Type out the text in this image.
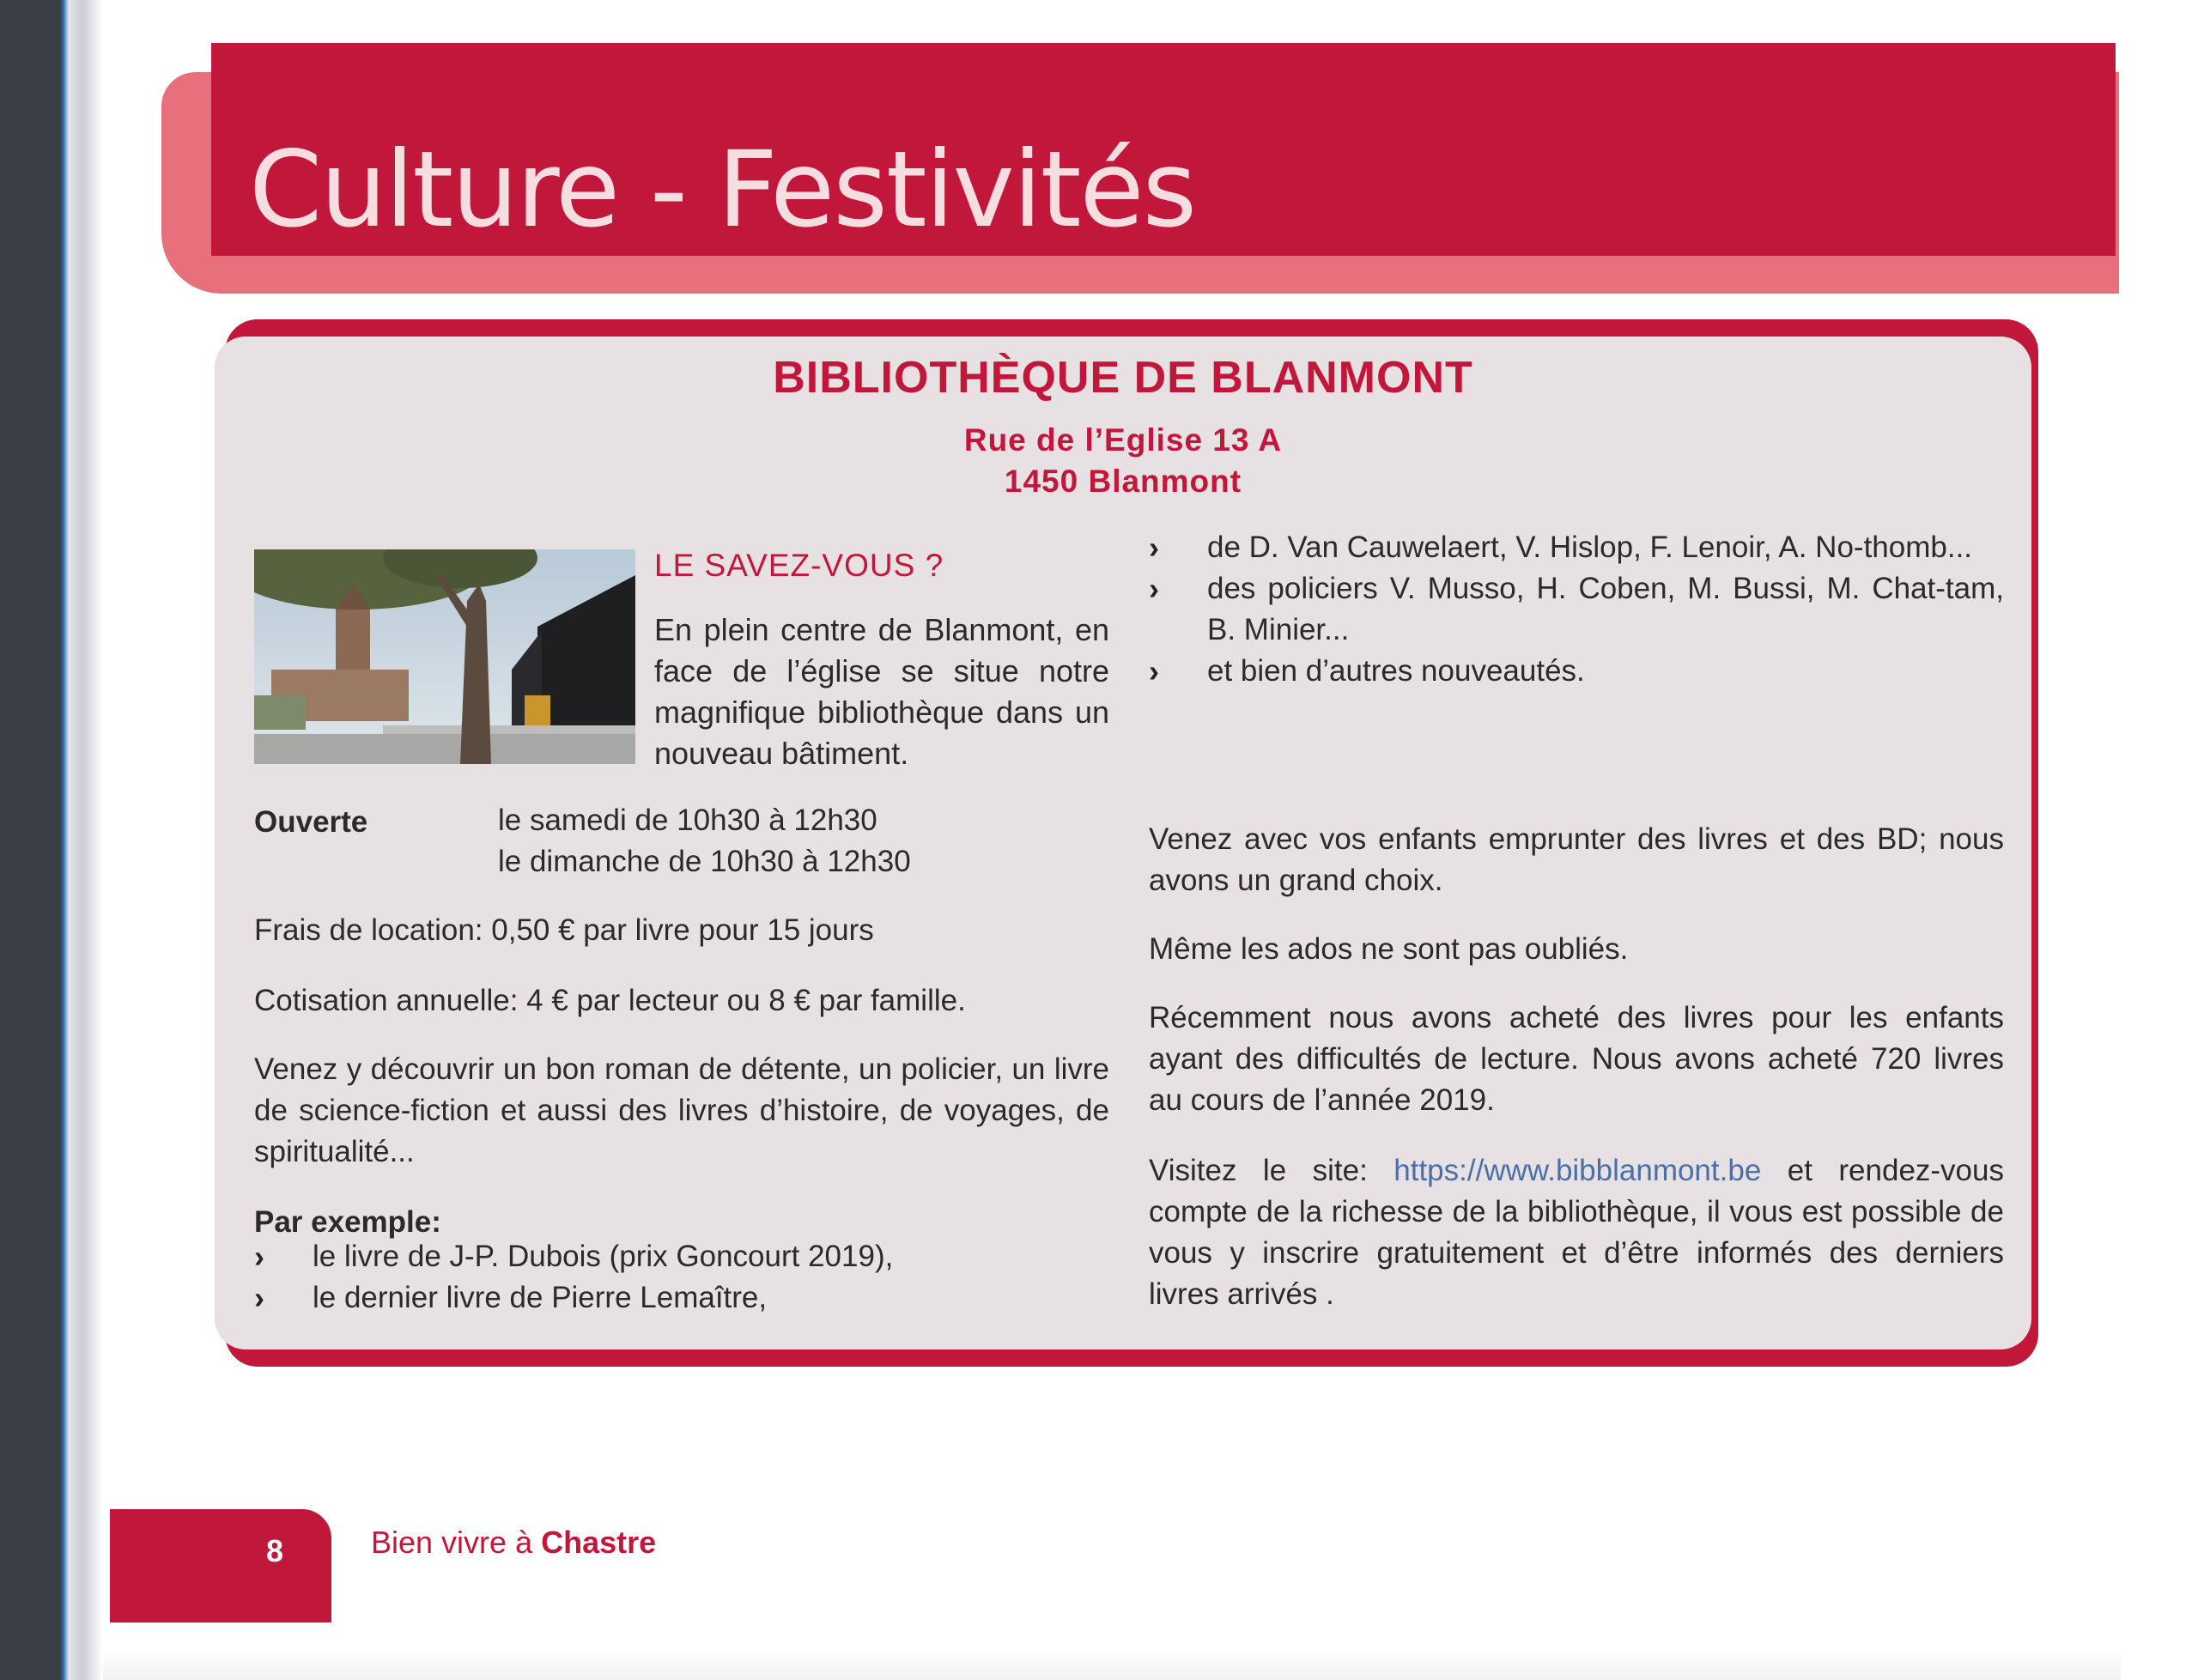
Culture - Festivités
BIBLIOTHÈQUE DE BLANMONT
Rue de l’Eglise 13 A
1450 Blanmont
LE SAVEZ-VOUS ?
En plein centre de Blanmont, en face de l’église se situe notre magnifique bibliothèque dans un nouveau bâtiment.
Ouverte	le samedi de 10h30 à 12h30
le dimanche de 10h30 à 12h30
Frais de location: 0,50 € par livre pour 15 jours
Cotisation annuelle: 4 € par lecteur ou 8 € par famille.
Venez y découvrir un bon roman de détente, un policier, un livre de science-fiction et aussi des livres d’histoire, de voyages, de spiritualité...
Par exemple:
›	le livre de J-P. Dubois (prix Goncourt 2019),
›	le dernier livre de Pierre Lemaître,
›	de D. Van Cauwelaert, V. Hislop, F. Lenoir, A. No-thomb...
›	des policiers V. Musso, H. Coben, M. Bussi, M. Chat-tam, B. Minier...
›	et bien d’autres nouveautés.
Venez avec vos enfants emprunter des livres et des BD; nous avons un grand choix.
Même les ados ne sont pas oubliés.
Récemment nous avons acheté des livres pour les enfants ayant des difficultés de lecture. Nous avons acheté 720 livres au cours de l’année 2019.
Visitez le site: https://www.bibblanmont.be et rendez-vous compte de la richesse de la bibliothèque, il vous est possible de vous y inscrire gratuitement et d’être informés des derniers livres arrivés .
8	Bien vivre à Chastre
